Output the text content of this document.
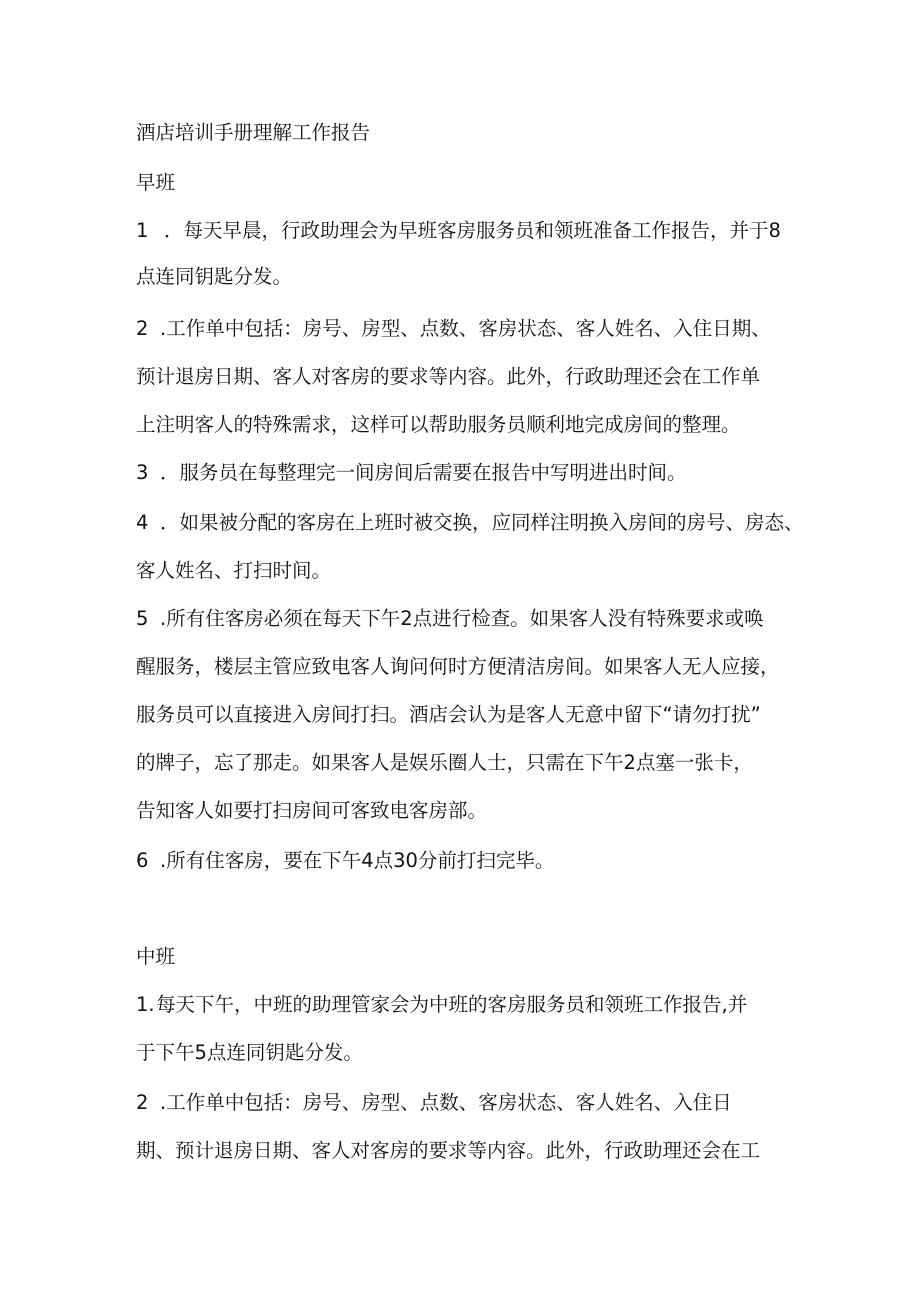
酒店培训手册理解工作报告
早班
1 ．每天早晨，行政助理会为早班客房服务员和领班准备工作报告，并于8
点连同钥匙分发。
2 .工作单中包括：房号、房型、点数、客房状态、客人姓名、入住日期、
预计退房日期、客人对客房的要求等内容。此外，行政助理还会在工作单
上注明客人的特殊需求，这样可以帮助服务员顺利地完成房间的整理。
3 ．服务员在每整理完一间房间后需要在报告中写明进出时间。
4 ．如果被分配的客房在上班时被交换，应同样注明换入房间的房号、房态、
客人姓名、打扫时间。
5 .所有住客房必须在每天下午2点进行检查。如果客人没有特殊要求或唤
醒服务，楼层主管应致电客人询问何时方便清洁房间。如果客人无人应接，
服务员可以直接进入房间打扫。酒店会认为是客人无意中留下“请勿打扰”
的牌子，忘了那走。如果客人是娱乐圈人士，只需在下午2点塞一张卡，
告知客人如要打扫房间可客致电客房部。
6 .所有住客房，要在下午4点30分前打扫完毕。
中班
1.每天下午，中班的助理管家会为中班的客房服务员和领班工作报告,并
于下午5点连同钥匙分发。
2 .工作单中包括：房号、房型、点数、客房状态、客人姓名、入住日
期、预计退房日期、客人对客房的要求等内容。此外，行政助理还会在工
